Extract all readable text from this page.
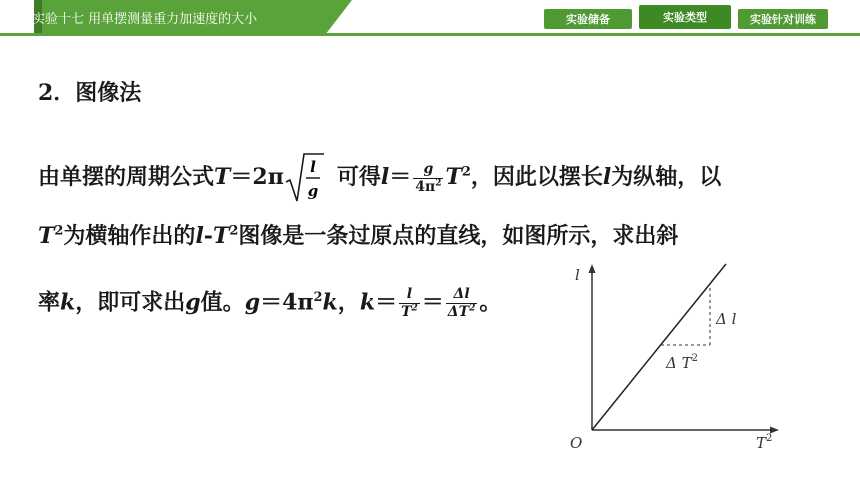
实验十七 用单摆测量重力加速度的大小	实验储备	实验类型	实验针对训练
2．图像法
由单摆的周期公式T＝2π l
g
可得$l= \frac{g}{4\pi^2} T^2$，因此以摆长l为纵轴，以
$T^2$为横轴作出的$l-T^2$图像是一条过原点的直线，如图所示，求出斜
率k，即可求出g值。$g=4\pi^2k$，$k= \frac{l}{T^2} = \frac{\Delta l}{\Delta T^2}$ 。
l
O	$T^2$
Δ l
Δ $T^2$
